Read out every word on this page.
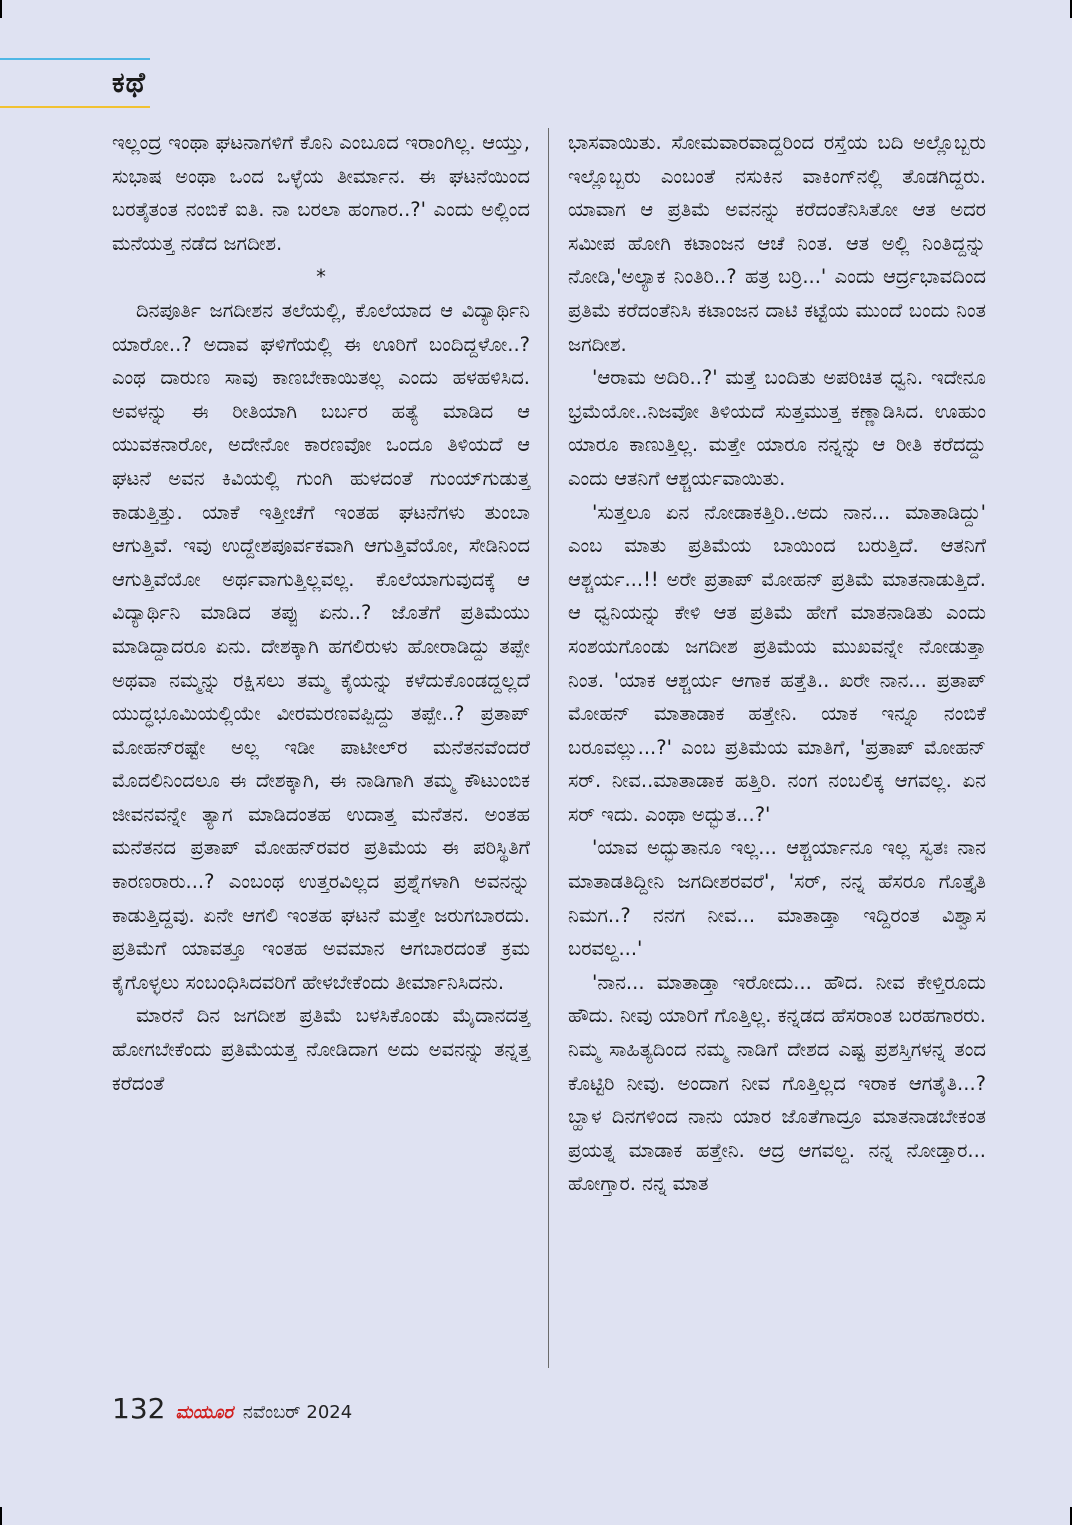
ಕಥೆ

ಇಲ್ಲಂದ್ರ ಇಂಥಾ ಘಟನಾಗಳಿಗೆ ಕೊನಿ ಎಂಬೂದ ಇರಾಂಗಿಲ್ಲ. ಆಯ್ತು, ಸುಭಾಷ ಅಂಥಾ ಒಂದ ಒಳ್ಳೆಯ ತೀರ್ಮಾನ. ಈ ಘಟನೆಯಿಂದ ಬರತೈತಂತ ನಂಬಿಕೆ ಐತಿ. ನಾ ಬರಲಾ ಹಂಗಾರ..?' ಎಂದು ಅಲ್ಲಿಂದ ಮನೆಯತ್ತ ನಡೆದ ಜಗದೀಶ.

*

ದಿನಪೂರ್ತಿ ಜಗದೀಶನ ತಲೆಯಲ್ಲಿ, ಕೊಲೆಯಾದ ಆ ವಿದ್ಯಾರ್ಥಿನಿ ಯಾರೋ..? ಅದಾವ ಘಳಿಗೆಯಲ್ಲಿ ಈ ಊರಿಗೆ ಬಂದಿದ್ದಳೋ..? ಎಂಥ ದಾರುಣ ಸಾವು ಕಾಣಬೇಕಾಯಿತಲ್ಲ ಎಂದು ಹಳಹಳಿಸಿದ. ಅವಳನ್ನು ಈ ರೀತಿಯಾಗಿ ಬರ್ಬರ ಹತ್ಯೆ ಮಾಡಿದ ಆ ಯುವಕನಾರೋ, ಅದೇನೋ ಕಾರಣವೋ ಒಂದೂ ತಿಳಿಯದೆ ಆ ಘಟನೆ ಅವನ ಕಿವಿಯಲ್ಲಿ ಗುಂಗಿ ಹುಳದಂತೆ ಗುಂಯ್‌ಗುಡುತ್ತ ಕಾಡುತ್ತಿತ್ತು. ಯಾಕೆ ಇತ್ತೀಚೆಗೆ ಇಂತಹ ಘಟನೆಗಳು ತುಂಬಾ ಆಗುತ್ತಿವೆ. ಇವು ಉದ್ದೇಶಪೂರ್ವಕವಾಗಿ ಆಗುತ್ತಿವೆಯೋ, ಸೇಡಿನಿಂದ ಆಗುತ್ತಿವೆಯೋ ಅರ್ಥವಾಗುತ್ತಿಲ್ಲವಲ್ಲ. ಕೊಲೆಯಾಗುವುದಕ್ಕೆ ಆ ವಿದ್ಯಾರ್ಥಿನಿ ಮಾಡಿದ ತಪ್ಪು ಏನು..? ಜೊತೆಗೆ ಪ್ರತಿಮೆಯು ಮಾಡಿದ್ದಾದರೂ ಏನು. ದೇಶಕ್ಕಾಗಿ ಹಗಲಿರುಳು ಹೋರಾಡಿದ್ದು ತಪ್ಪೇ ಅಥವಾ ನಮ್ಮನ್ನು ರಕ್ಷಿಸಲು ತಮ್ಮ ಕೈಯನ್ನು ಕಳೆದುಕೊಂಡದ್ದಲ್ಲದೆ ಯುದ್ಧಭೂಮಿಯಲ್ಲಿಯೇ ವೀರಮರಣವಪ್ಪಿದ್ದು ತಪ್ಪೇ..? ಪ್ರತಾಪ್ ಮೋಹನ್‌ರಷ್ಟೇ ಅಲ್ಲ ಇಡೀ ಪಾಟೀಲ್‌ರ ಮನೆತನವೆಂದರೆ ಮೊದಲಿನಿಂದಲೂ ಈ ದೇಶಕ್ಕಾಗಿ, ಈ ನಾಡಿಗಾಗಿ ತಮ್ಮ ಕೌಟುಂಬಿಕ ಜೀವನವನ್ನೇ ತ್ಯಾಗ ಮಾಡಿದಂತಹ ಉದಾತ್ತ ಮನೆತನ. ಅಂತಹ ಮನೆತನದ ಪ್ರತಾಪ್ ಮೋಹನ್‌ರವರ ಪ್ರತಿಮೆಯ ಈ ಪರಿಸ್ಥಿತಿಗೆ ಕಾರಣರಾರು...? ಎಂಬಂಥ ಉತ್ತರವಿಲ್ಲದ ಪ್ರಶ್ನೆಗಳಾಗಿ ಅವನನ್ನು ಕಾಡುತ್ತಿದ್ದವು. ಏನೇ ಆಗಲಿ ಇಂತಹ ಘಟನೆ ಮತ್ತೇ ಜರುಗಬಾರದು. ಪ್ರತಿಮೆಗೆ ಯಾವತ್ತೂ ಇಂತಹ ಅವಮಾನ ಆಗಬಾರದಂತೆ ಕ್ರಮ ಕೈಗೊಳ್ಳಲು ಸಂಬಂಧಿಸಿದವರಿಗೆ ಹೇಳಬೇಕೆಂದು ತೀರ್ಮಾನಿಸಿದನು.

ಮಾರನೆ ದಿನ ಜಗದೀಶ ಪ್ರತಿಮೆ ಬಳಸಿಕೊಂಡು ಮೈದಾನದತ್ತ ಹೋಗಬೇಕೆಂದು ಪ್ರತಿಮೆಯತ್ತ ನೋಡಿದಾಗ ಅದು ಅವನನ್ನು ತನ್ನತ್ತ ಕರೆದಂತೆ

ಭಾಸವಾಯಿತು. ಸೋಮವಾರವಾದ್ದರಿಂದ ರಸ್ತೆಯ ಬದಿ ಅಲ್ಲೊಬ್ಬರು ಇಲ್ಲೊಬ್ಬರು ಎಂಬಂತೆ ನಸುಕಿನ ವಾಕಿಂಗ್‌ನಲ್ಲಿ ತೊಡಗಿದ್ದರು. ಯಾವಾಗ ಆ ಪ್ರತಿಮೆ ಅವನನ್ನು ಕರೆದಂತೆನಿಸಿತೋ ಆತ ಅದರ ಸಮೀಪ ಹೋಗಿ ಕಟಾಂಜನ ಆಚೆ ನಿಂತ. ಆತ ಅಲ್ಲಿ ನಿಂತಿದ್ದನ್ನು ನೋಡಿ,'ಅಲ್ಯಾಕ ನಿಂತಿರಿ..? ಹತ್ರ ಬರ್ರಿ...' ಎಂದು ಆರ್ದ್ರಭಾವದಿಂದ ಪ್ರತಿಮೆ ಕರೆದಂತೆನಿಸಿ ಕಟಾಂಜನ ದಾಟಿ ಕಟ್ಟೆಯ ಮುಂದೆ ಬಂದು ನಿಂತ ಜಗದೀಶ.

'ಆರಾಮ ಅದಿರಿ..?' ಮತ್ತೆ ಬಂದಿತು ಅಪರಿಚಿತ ಧ್ವನಿ. ಇದೇನೂ ಭ್ರಮೆಯೋ..ನಿಜವೋ ತಿಳಿಯದೆ ಸುತ್ತಮುತ್ತ ಕಣ್ಣಾಡಿಸಿದ. ಊಹುಂ ಯಾರೂ ಕಾಣುತ್ತಿಲ್ಲ. ಮತ್ತೇ ಯಾರೂ ನನ್ನನ್ನು ಆ ರೀತಿ ಕರೆದದ್ದು ಎಂದು ಆತನಿಗೆ ಆಶ್ಚರ್ಯವಾಯಿತು.

'ಸುತ್ತಲೂ ಏನ ನೋಡಾಕತ್ತಿರಿ..ಅದು ನಾನ... ಮಾತಾಡಿದ್ದು' ಎಂಬ ಮಾತು ಪ್ರತಿಮೆಯ ಬಾಯಿಂದ ಬರುತ್ತಿದೆ. ಆತನಿಗೆ ಆಶ್ಚರ್ಯ...!! ಅರೇ ಪ್ರತಾಪ್ ಮೋಹನ್ ಪ್ರತಿಮೆ ಮಾತನಾಡುತ್ತಿದೆ. ಆ ಧ್ವನಿಯನ್ನು ಕೇಳಿ ಆತ ಪ್ರತಿಮೆ ಹೇಗೆ ಮಾತನಾಡಿತು ಎಂದು ಸಂಶಯಗೊಂಡು ಜಗದೀಶ ಪ್ರತಿಮೆಯ ಮುಖವನ್ನೇ ನೋಡುತ್ತಾ ನಿಂತ. 'ಯಾಕ ಆಶ್ಚರ್ಯ ಆಗಾಕ ಹತ್ತೆತಿ.. ಖರೇ ನಾನ... ಪ್ರತಾಪ್ ಮೋಹನ್ ಮಾತಾಡಾಕ ಹತ್ತೇನಿ. ಯಾಕ ಇನ್ನೂ ನಂಬಿಕೆ ಬರೂವಲ್ಲು...?' ಎಂಬ ಪ್ರತಿಮೆಯ ಮಾತಿಗೆ, 'ಪ್ರತಾಪ್ ಮೋಹನ್ ಸರ್. ನೀವ..ಮಾತಾಡಾಕ ಹತ್ತಿರಿ. ನಂಗ ನಂಬಲಿಕ್ಕ ಆಗವಲ್ಲ. ಏನ ಸರ್ ಇದು. ಎಂಥಾ ಅದ್ಭುತ...?'

'ಯಾವ ಅದ್ಭುತಾನೂ ಇಲ್ಲ... ಆಶ್ಚರ್ಯಾನೂ ಇಲ್ಲ ಸ್ವತಃ ನಾನ ಮಾತಾಡತಿದ್ದೀನಿ ಜಗದೀಶರವರೆ', 'ಸರ್, ನನ್ನ ಹೆಸರೂ ಗೊತ್ತೈತಿ ನಿಮಗ..? ನನಗ ನೀವ... ಮಾತಾಡ್ತಾ ಇದ್ದಿರಂತ ವಿಶ್ವಾಸ ಬರವಲ್ದ...'

'ನಾನ... ಮಾತಾಡ್ತಾ ಇರೋದು... ಹೌದ. ನೀವ ಕೇಳ್ತಿರೂದು ಹೌದು. ನೀವು ಯಾರಿಗೆ ಗೊತ್ತಿಲ್ಲ. ಕನ್ನಡದ ಹೆಸರಾಂತ ಬರಹಗಾರರು. ನಿಮ್ಮ ಸಾಹಿತ್ಯದಿಂದ ನಮ್ಮ ನಾಡಿಗೆ ದೇಶದ ಎಷ್ಟ ಪ್ರಶಸ್ತಿಗಳನ್ನ ತಂದ ಕೊಟ್ಟಿರಿ ನೀವು. ಅಂದಾಗ ನೀವ ಗೊತ್ತಿಲ್ಲದ ಇರಾಕ ಆಗತೈತಿ...? ಬ್ಹಾಳ ದಿನಗಳಿಂದ ನಾನು ಯಾರ ಜೊತೆಗಾದ್ರೂ ಮಾತನಾಡಬೇಕಂತ ಪ್ರಯತ್ನ ಮಾಡಾಕ ಹತ್ತೇನಿ. ಆದ್ರ ಆಗವಲ್ದ. ನನ್ನ ನೋಡ್ತಾರ... ಹೋಗ್ತಾರ. ನನ್ನ ಮಾತ

132 ಮಯೂರ ನವೆಂಬರ್ 2024
